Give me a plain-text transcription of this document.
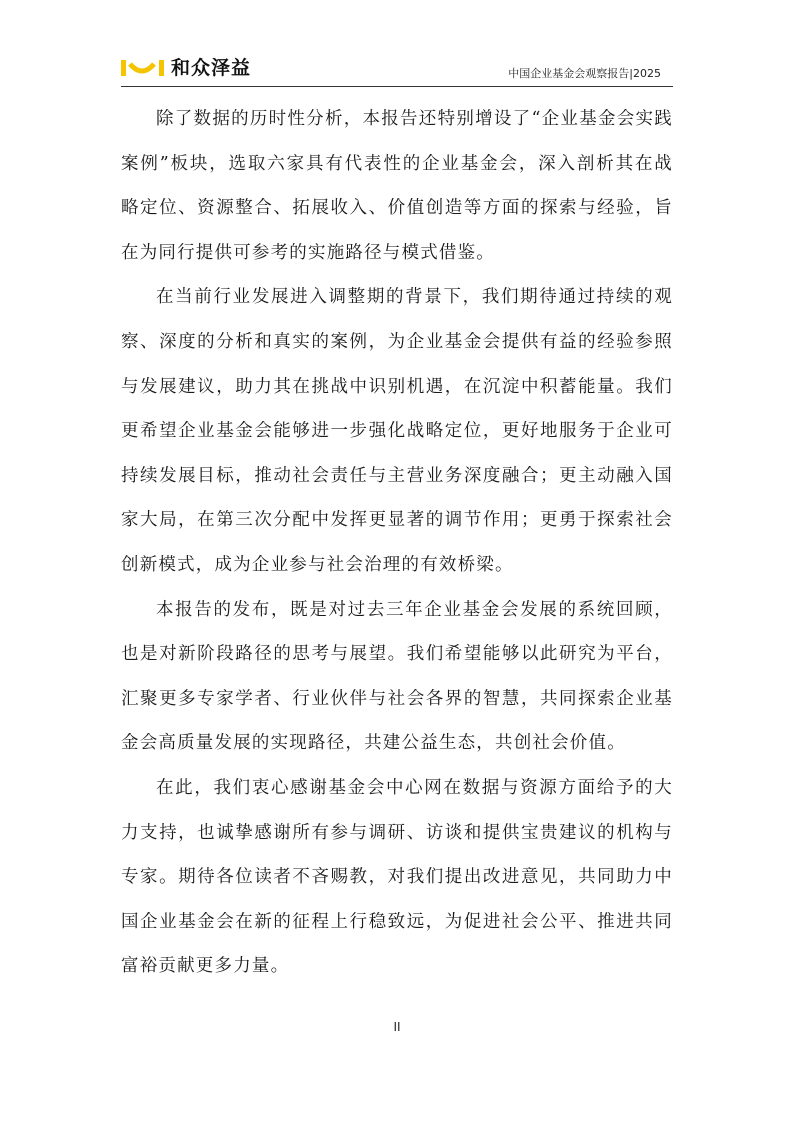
和众泽益	中国企业基金会观察报告|2025

除了数据的历时性分析，本报告还特别增设了“企业基金会实践案例”板块，选取六家具有代表性的企业基金会，深入剖析其在战略定位、资源整合、拓展收入、价值创造等方面的探索与经验，旨在为同行提供可参考的实施路径与模式借鉴。

在当前行业发展进入调整期的背景下，我们期待通过持续的观察、深度的分析和真实的案例，为企业基金会提供有益的经验参照与发展建议，助力其在挑战中识别机遇，在沉淀中积蓄能量。我们更希望企业基金会能够进一步强化战略定位，更好地服务于企业可持续发展目标，推动社会责任与主营业务深度融合；更主动融入国家大局，在第三次分配中发挥更显著的调节作用；更勇于探索社会创新模式，成为企业参与社会治理的有效桥梁。

本报告的发布，既是对过去三年企业基金会发展的系统回顾，也是对新阶段路径的思考与展望。我们希望能够以此研究为平台，汇聚更多专家学者、行业伙伴与社会各界的智慧，共同探索企业基金会高质量发展的实现路径，共建公益生态，共创社会价值。

在此，我们衷心感谢基金会中心网在数据与资源方面给予的大力支持，也诚挚感谢所有参与调研、访谈和提供宝贵建议的机构与专家。期待各位读者不吝赐教，对我们提出改进意见，共同助力中国企业基金会在新的征程上行稳致远，为促进社会公平、推进共同富裕贡献更多力量。

II
